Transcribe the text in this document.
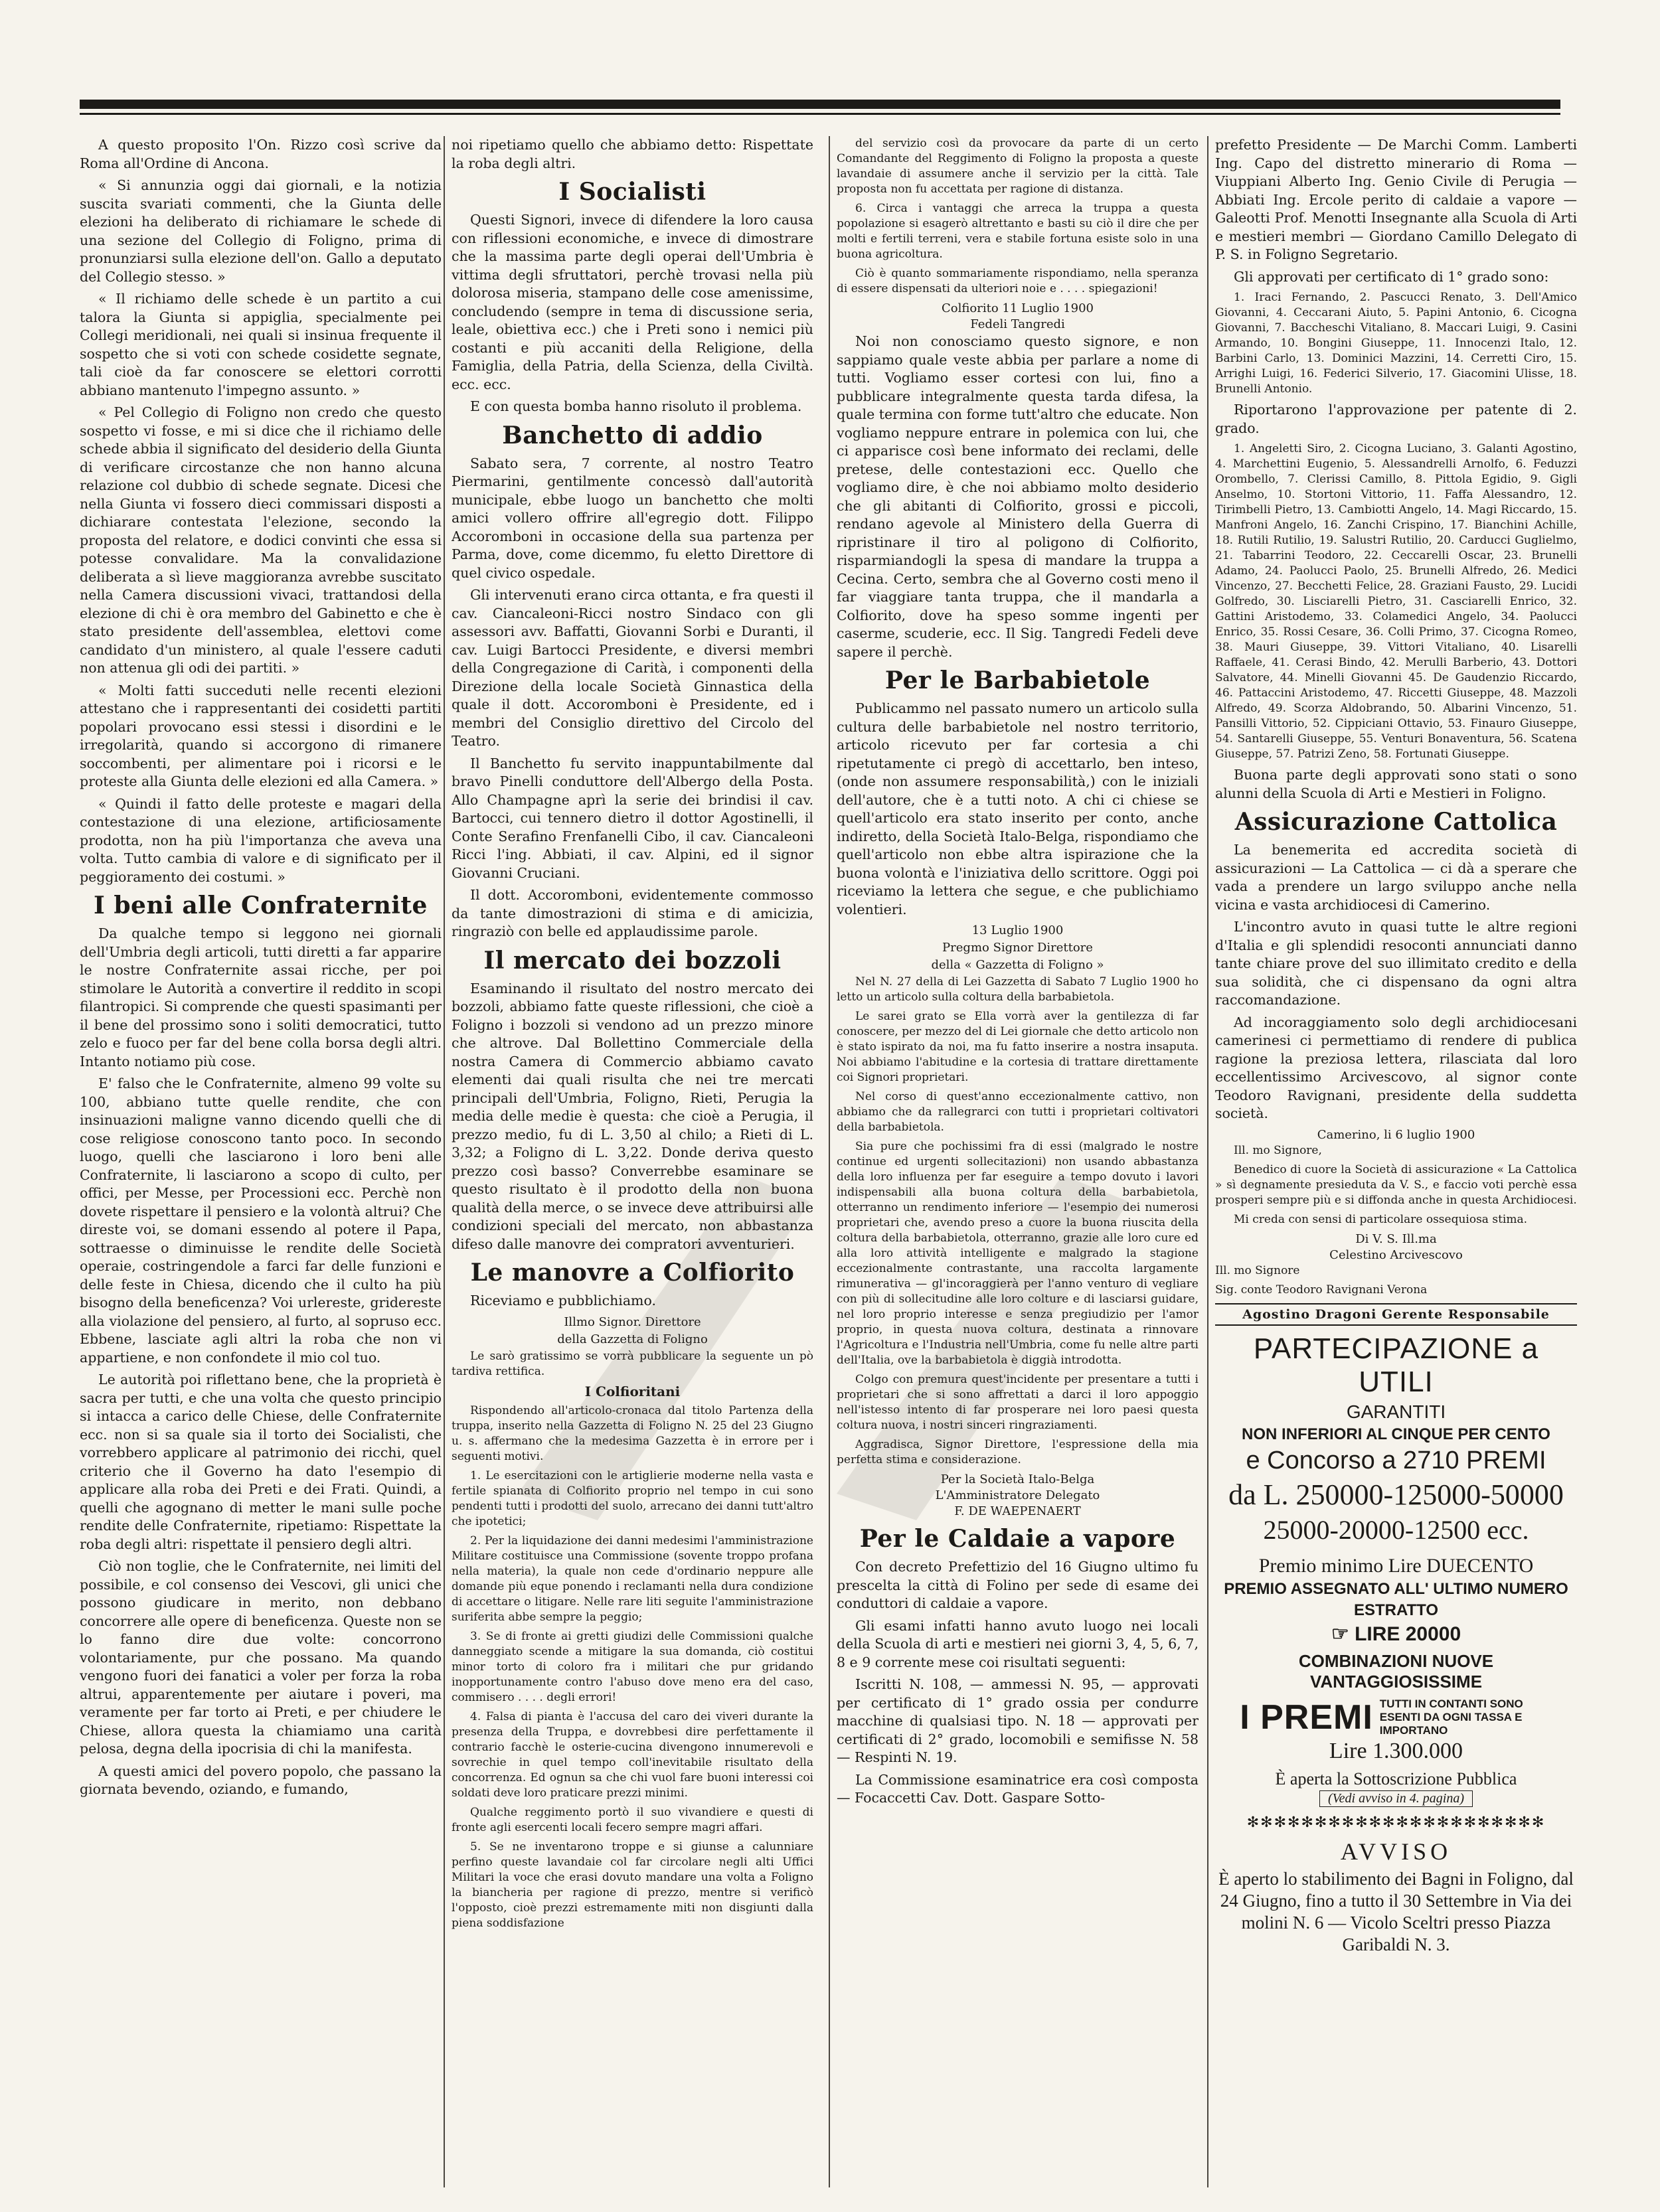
A questo proposito l'On. Rizzo così scrive da Roma all'Ordine di Ancona.

« Si annunzia oggi dai giornali, e la notizia suscita svariati commenti, che la Giunta delle elezioni ha deliberato di richiamare le schede di una sezione del Collegio di Foligno, prima di pronunziarsi sulla elezione dell'on. Gallo a deputato del Collegio stesso. »

« Il richiamo delle schede è un partito a cui talora la Giunta si appiglia, specialmente pei Collegi meridionali, nei quali si insinua frequente il sospetto che si voti con schede cosidette segnate, tali cioè da far conoscere se elettori corrotti abbiano mantenuto l'impegno assunto. »

« Pel Collegio di Foligno non credo che questo sospetto vi fosse, e mi si dice che il richiamo delle schede abbia il significato del desiderio della Giunta di verificare circostanze che non hanno alcuna relazione col dubbio di schede segnate. Dicesi che nella Giunta vi fossero dieci commissari disposti a dichiarare contestata l'elezione, secondo la proposta del relatore, e dodici convinti che essa si potesse convalidare. Ma la convalidazione deliberata a sì lieve maggioranza avrebbe suscitato nella Camera discussioni vivaci, trattandosi della elezione di chi è ora membro del Gabinetto e che è stato presidente dell'assemblea, elettovi come candidato d'un ministero, al quale l'essere caduti non attenua gli odi dei partiti. »

« Molti fatti succeduti nelle recenti elezioni attestano che i rappresentanti dei cosidetti partiti popolari provocano essi stessi i disordini e le irregolarità, quando si accorgono di rimanere soccombenti, per alimentare poi i ricorsi e le proteste alla Giunta delle elezioni ed alla Camera. »

« Quindi il fatto delle proteste e magari della contestazione di una elezione, artificiosamente prodotta, non ha più l'importanza che aveva una volta. Tutto cambia di valore e di significato per il peggioramento dei costumi. »

I beni alle Confraternite

Da qualche tempo si leggono nei giornali dell'Umbria degli articoli, tutti diretti a far apparire le nostre Confraternite assai ricche, per poi stimolare le Autorità a convertire il reddito in scopi filantropici. Si comprende che questi spasimanti per il bene del prossimo sono i soliti democratici, tutto zelo e fuoco per far del bene colla borsa degli altri. Intanto notiamo più cose.

E' falso che le Confraternite, almeno 99 volte su 100, abbiano tutte quelle rendite, che con insinuazioni maligne vanno dicendo quelli che di cose religiose conoscono tanto poco. In secondo luogo, quelli che lasciarono i loro beni alle Confraternite, li lasciarono a scopo di culto, per offici, per Messe, per Processioni ecc. Perchè non dovete rispettare il pensiero e la volontà altrui? Che direste voi, se domani essendo al potere il Papa, sottraesse o diminuisse le rendite delle Società operaie, costringendole a farci far delle funzioni e delle feste in Chiesa, dicendo che il culto ha più bisogno della beneficenza? Voi urlereste, gridereste alla violazione del pensiero, al furto, al sopruso ecc. Ebbene, lasciate agli altri la roba che non vi appartiene, e non confondete il mio col tuo.

Le autorità poi riflettano bene, che la proprietà è sacra per tutti, e che una volta che questo principio si intacca a carico delle Chiese, delle Confraternite ecc. non si sa quale sia il torto dei Socialisti, che vorrebbero applicare al patrimonio dei ricchi, quel criterio che il Governo ha dato l'esempio di applicare alla roba dei Preti e dei Frati. Quindi, a quelli che agognano di metter le mani sulle poche rendite delle Confraternite, ripetiamo: Rispettate la roba degli altri: rispettate il pensiero degli altri.

Ciò non toglie, che le Confraternite, nei limiti del possibile, e col consenso dei Vescovi, gli unici che possono giudicare in merito, non debbano concorrere alle opere di beneficenza. Queste non se lo fanno dire due volte: concorrono volontariamente, pur che possano. Ma quando vengono fuori dei fanatici a voler per forza la roba altrui, apparentemente per aiutare i poveri, ma veramente per far torto ai Preti, e per chiudere le Chiese, allora questa la chiamiamo una carità pelosa, degna della ipocrisia di chi la manifesta.

A questi amici del povero popolo, che passano la giornata bevendo, oziando, e fumando,

noi ripetiamo quello che abbiamo detto: Rispettate la roba degli altri.

I Socialisti

Questi Signori, invece di difendere la loro causa con riflessioni economiche, e invece di dimostrare che la massima parte degli operai dell'Umbria è vittima degli sfruttatori, perchè trovasi nella più dolorosa miseria, stampano delle cose amenissime, concludendo (sempre in tema di discussione seria, leale, obiettiva ecc.) che i Preti sono i nemici più costanti e più accaniti della Religione, della Famiglia, della Patria, della Scienza, della Civiltà. ecc. ecc.

E con questa bomba hanno risoluto il problema.

Banchetto di addio

Sabato sera, 7 corrente, al nostro Teatro Piermarini, gentilmente concessò dall'autorità municipale, ebbe luogo un banchetto che molti amici vollero offrire all'egregio dott. Filippo Accoromboni in occasione della sua partenza per Parma, dove, come dicemmo, fu eletto Direttore di quel civico ospedale.

Gli intervenuti erano circa ottanta, e fra questi il cav. Ciancaleoni-Ricci nostro Sindaco con gli assessori avv. Baffatti, Giovanni Sorbi e Duranti, il cav. Luigi Bartocci Presidente, e diversi membri della Congregazione di Carità, i componenti della Direzione della locale Società Ginnastica della quale il dott. Accoromboni è Presidente, ed i membri del Consiglio direttivo del Circolo del Teatro.

Il Banchetto fu servito inappuntabilmente dal bravo Pinelli conduttore dell'Albergo della Posta. Allo Champagne aprì la serie dei brindisi il cav. Bartocci, cui tennero dietro il dottor Agostinelli, il Conte Serafino Frenfanelli Cibo, il cav. Ciancaleoni Ricci l'ing. Abbiati, il cav. Alpini, ed il signor Giovanni Cruciani.

Il dott. Accoromboni, evidentemente commosso da tante dimostrazioni di stima e di amicizia, ringraziò con belle ed applaudissime parole.

Il mercato dei bozzoli

Esaminando il risultato del nostro mercato dei bozzoli, abbiamo fatte queste riflessioni, che cioè a Foligno i bozzoli si vendono ad un prezzo minore che altrove. Dal Bollettino Commerciale della nostra Camera di Commercio abbiamo cavato elementi dai quali risulta che nei tre mercati principali dell'Umbria, Foligno, Rieti, Perugia la media delle medie è questa: che cioè a Perugia, il prezzo medio, fu di L. 3,50 al chilo; a Rieti di L. 3,32; a Foligno di L. 3,22. Donde deriva questo prezzo così basso? Converrebbe esaminare se questo risultato è il prodotto della non buona qualità della merce, o se invece deve attribuirsi alle condizioni speciali del mercato, non abbastanza difeso dalle manovre dei compratori avventurieri.

Le manovre a Colfiorito

Riceviamo e pubblichiamo.

Illmo Signor. Direttore

della Gazzetta di Foligno

Le sarò gratissimo se vorrà pubblicare la seguente un pò tardiva rettifica.

I Colfioritani

Rispondendo all'articolo-cronaca dal titolo Partenza della truppa, inserito nella Gazzetta di Foligno N. 25 del 23 Giugno u. s. affermano che la medesima Gazzetta è in errore per i seguenti motivi.

1. Le esercitazioni con le artiglierie moderne nella vasta e fertile spianata di Colfiorito proprio nel tempo in cui sono pendenti tutti i prodotti del suolo, arrecano dei danni tutt'altro che ipotetici;

2. Per la liquidazione dei danni medesimi l'amministrazione Militare costituisce una Commissione (sovente troppo profana nella materia), la quale non cede d'ordinario neppure alle domande più eque ponendo i reclamanti nella dura condizione di accettare o litigare. Nelle rare liti seguite l'amministrazione suriferita abbe sempre la peggio;

3. Se di fronte ai gretti giudizi delle Commissioni qualche danneggiato scende a mitigare la sua domanda, ciò costitui minor torto di coloro fra i militari che pur gridando inopportunamente contro l'abuso dove meno era del caso, commisero . . . . degli errori!

4. Falsa di pianta è l'accusa del caro dei viveri durante la presenza della Truppa, e dovrebbesi dire perfettamente il contrario facchè le osterie-cucina divengono innumerevoli e sovrechie in quel tempo coll'inevitabile risultato della concorrenza. Ed ognun sa che chi vuol fare buoni interessi coi soldati deve loro praticare prezzi minimi.

Qualche reggimento portò il suo vivandiere e questi di fronte agli esercenti locali fecero sempre magri affari.

5. Se ne inventarono troppe e si giunse a calunniare perfino queste lavandaie col far circolare negli alti Uffici Militari la voce che erasi dovuto mandare una volta a Foligno la biancheria per ragione di prezzo, mentre si verificò l'opposto, cioè prezzi estremamente miti non disgiunti dalla piena soddisfazione

del servizio così da provocare da parte di un certo Comandante del Reggimento di Foligno la proposta a queste lavandaie di assumere anche il servizio per la città. Tale proposta non fu accettata per ragione di distanza.

6. Circa i vantaggi che arreca la truppa a questa popolazione si esagerò altrettanto e basti su ciò il dire che per molti e fertili terreni, vera e stabile fortuna esiste solo in una buona agricoltura.

Ciò è quanto sommariamente rispondiamo, nella speranza di essere dispensati da ulteriori noie e . . . . spiegazioni!

Colfiorito 11 Luglio 1900

Fedeli Tangredi

Noi non conosciamo questo signore, e non sappiamo quale veste abbia per parlare a nome di tutti. Vogliamo esser cortesi con lui, fino a pubblicare integralmente questa tarda difesa, la quale termina con forme tutt'altro che educate. Non vogliamo neppure entrare in polemica con lui, che ci apparisce così bene informato dei reclami, delle pretese, delle contestazioni ecc. Quello che vogliamo dire, è che noi abbiamo molto desiderio che gli abitanti di Colfiorito, grossi e piccoli, rendano agevole al Ministero della Guerra di ripristinare il tiro al poligono di Colfiorito, risparmiandogli la spesa di mandare la truppa a Cecina. Certo, sembra che al Governo costi meno il far viaggiare tanta truppa, che il mandarla a Colfiorito, dove ha speso somme ingenti per caserme, scuderie, ecc. Il Sig. Tangredi Fedeli deve sapere il perchè.

Per le Barbabietole

Publicammo nel passato numero un articolo sulla cultura delle barbabietole nel nostro territorio, articolo ricevuto per far cortesia a chi ripetutamente ci pregò di accettarlo, ben inteso, (onde non assumere responsabilità,) con le iniziali dell'autore, che è a tutti noto. A chi ci chiese se quell'articolo era stato inserito per conto, anche indiretto, della Società Italo-Belga, rispondiamo che quell'articolo non ebbe altra ispirazione che la buona volontà e l'iniziativa dello scrittore. Oggi poi riceviamo la lettera che segue, e che publichiamo volentieri.

13 Luglio 1900

Pregmo Signor Direttore

della « Gazzetta di Foligno »

Nel N. 27 della di Lei Gazzetta di Sabato 7 Luglio 1900 ho letto un articolo sulla coltura della barbabietola.

Le sarei grato se Ella vorrà aver la gentilezza di far conoscere, per mezzo del di Lei giornale che detto articolo non è stato ispirato da noi, ma fu fatto inserire a nostra insaputa. Noi abbiamo l'abitudine e la cortesia di trattare direttamente coi Signori proprietari.

Nel corso di quest'anno eccezionalmente cattivo, non abbiamo che da rallegrarci con tutti i proprietari coltivatori della barbabietola.

Sia pure che pochissimi fra di essi (malgrado le nostre continue ed urgenti sollecitazioni) non usando abbastanza della loro influenza per far eseguire a tempo dovuto i lavori indispensabili alla buona coltura della barbabietola, otterranno un rendimento inferiore — l'esempio dei numerosi proprietari che, avendo preso a cuore la buona riuscita della coltura della barbabietola, otterranno, grazie alle loro cure ed alla loro attività intelligente e malgrado la stagione eccezionalmente contrastante, una raccolta largamente rimunerativa — gl'incoraggierà per l'anno venturo di vegliare con più di sollecitudine alle loro colture e di lasciarsi guidare, nel loro proprio interesse e senza pregiudizio per l'amor proprio, in questa nuova coltura, destinata a rinnovare l'Agricoltura e l'Industria nell'Umbria, come fu nelle altre parti dell'Italia, ove la barbabietola è diggià introdotta.

Colgo con premura quest'incidente per presentare a tutti i proprietari che si sono affrettati a darci il loro appoggio nell'istesso intento di far prosperare nei loro paesi questa coltura nuova, i nostri sinceri ringraziamenti.

Aggradisca, Signor Direttore, l'espressione della mia perfetta stima e considerazione.

Per la Società Italo-Belga

L'Amministratore Delegato

F. DE WAEPENAERT

Per le Caldaie a vapore

Con decreto Prefettizio del 16 Giugno ultimo fu prescelta la città di Folino per sede di esame dei conduttori di caldaie a vapore.

Gli esami infatti hanno avuto luogo nei locali della Scuola di arti e mestieri nei giorni 3, 4, 5, 6, 7, 8 e 9 corrente mese coi risultati seguenti:

Iscritti N. 108, — ammessi N. 95, — approvati per certificato di 1° grado ossia per condurre macchine di qualsiasi tipo. N. 18 — approvati per certificati di 2° grado, locomobili e semifisse N. 58 — Respinti N. 19.

La Commissione esaminatrice era così composta — Focaccetti Cav. Dott. Gaspare Sotto-

prefetto Presidente — De Marchi Comm. Lamberti Ing. Capo del distretto minerario di Roma — Viuppiani Alberto Ing. Genio Civile di Perugia — Abbiati Ing. Ercole perito di caldaie a vapore — Galeotti Prof. Menotti Insegnante alla Scuola di Arti e mestieri membri — Giordano Camillo Delegato di P. S. in Foligno Segretario.

Gli approvati per certificato di 1° grado sono:

1. Iraci Fernando, 2. Pascucci Renato, 3. Dell'Amico Giovanni, 4. Ceccarani Aiuto, 5. Papini Antonio, 6. Cicogna Giovanni, 7. Baccheschi Vitaliano, 8. Maccari Luigi, 9. Casini Armando, 10. Bongini Giuseppe, 11. Innocenzi Italo, 12. Barbini Carlo, 13. Dominici Mazzini, 14. Cerretti Ciro, 15. Arrighi Luigi, 16. Federici Silverio, 17. Giacomini Ulisse, 18. Brunelli Antonio.

Riportarono l'approvazione per patente di 2. grado.

1. Angeletti Siro, 2. Cicogna Luciano, 3. Galanti Agostino, 4. Marchettini Eugenio, 5. Alessandrelli Arnolfo, 6. Feduzzi Orombello, 7. Clerissi Camillo, 8. Pittola Egidio, 9. Gigli Anselmo, 10. Stortoni Vittorio, 11. Faffa Alessandro, 12. Tirimbelli Pietro, 13. Cambiotti Angelo, 14. Magi Riccardo, 15. Manfroni Angelo, 16. Zanchi Crispino, 17. Bianchini Achille, 18. Rutili Rutilio, 19. Salustri Rutilio, 20. Carducci Guglielmo, 21. Tabarrini Teodoro, 22. Ceccarelli Oscar, 23. Brunelli Adamo, 24. Paolucci Paolo, 25. Brunelli Alfredo, 26. Medici Vincenzo, 27. Becchetti Felice, 28. Graziani Fausto, 29. Lucidi Golfredo, 30. Lisciarelli Pietro, 31. Casciarelli Enrico, 32. Gattini Aristodemo, 33. Colamedici Angelo, 34. Paolucci Enrico, 35. Rossi Cesare, 36. Colli Primo, 37. Cicogna Romeo, 38. Mauri Giuseppe, 39. Vittori Vitaliano, 40. Lisarelli Raffaele, 41. Cerasi Bindo, 42. Merulli Barberio, 43. Dottori Salvatore, 44. Minelli Giovanni 45. De Gaudenzio Riccardo, 46. Pattaccini Aristodemo, 47. Riccetti Giuseppe, 48. Mazzoli Alfredo, 49. Scorza Aldobrando, 50. Albarini Vincenzo, 51. Pansilli Vittorio, 52. Cippiciani Ottavio, 53. Finauro Giuseppe, 54. Santarelli Giuseppe, 55. Venturi Bonaventura, 56. Scatena Giuseppe, 57. Patrizi Zeno, 58. Fortunati Giuseppe.

Buona parte degli approvati sono stati o sono alunni della Scuola di Arti e Mestieri in Foligno.

Assicurazione Cattolica

La benemerita ed accredita società di assicurazioni — La Cattolica — ci dà a sperare che vada a prendere un largo sviluppo anche nella vicina e vasta archidiocesi di Camerino.

L'incontro avuto in quasi tutte le altre regioni d'Italia e gli splendidi resoconti annunciati danno tante chiare prove del suo illimitato credito e della sua solidità, che ci dispensano da ogni altra raccomandazione.

Ad incoraggiamento solo degli archidiocesani camerinesi ci permettiamo di rendere di publica ragione la preziosa lettera, rilasciata dal loro eccellentissimo Arcivescovo, al signor conte Teodoro Ravignani, presidente della suddetta società.

Camerino, li 6 luglio 1900

Ill. mo Signore,

Benedico di cuore la Società di assicurazione « La Cattolica » sì degnamente presieduta da V. S., e faccio voti perchè essa prosperi sempre più e si diffonda anche in questa Archidiocesi.

Mi creda con sensi di particolare ossequiosa stima.

Di V. S. Ill.ma

Celestino Arcivescovo

Ill. mo Signore

Sig. conte Teodoro Ravignani Verona

Agostino Dragoni Gerente Responsabile
PARTECIPAZIONE a UTILI
GARANTITI
NON INFERIORI AL CINQUE PER CENTO
e Concorso a 2710 PREMI
da L. 250000-125000-50000
25000-20000-12500 ecc.
Premio minimo Lire DUECENTO
PREMIO ASSEGNATO ALL' ULTIMO NUMERO
ESTRATTO
☞ LIRE 20000
COMBINAZIONI NUOVE VANTAGGIOSISSIME
I PREMI TUTTI IN CONTANTI SONO ESENTI DA OGNI TASSA E IMPORTANO
Lire 1.300.000
È aperta la Sottoscrizione Pubblica
(Vedi avviso in 4. pagina)
✻✻✻✻✻✻✻✻✻✻✻✻✻✻✻✻✻✻✻✻✻✻
AVVISO
È aperto lo stabilimento dei Bagni in Foligno, dal 24 Giugno, fino a tutto il 30 Settembre in Via dei molini N. 6 — Vicolo Sceltri presso Piazza Garibaldi N. 3.
